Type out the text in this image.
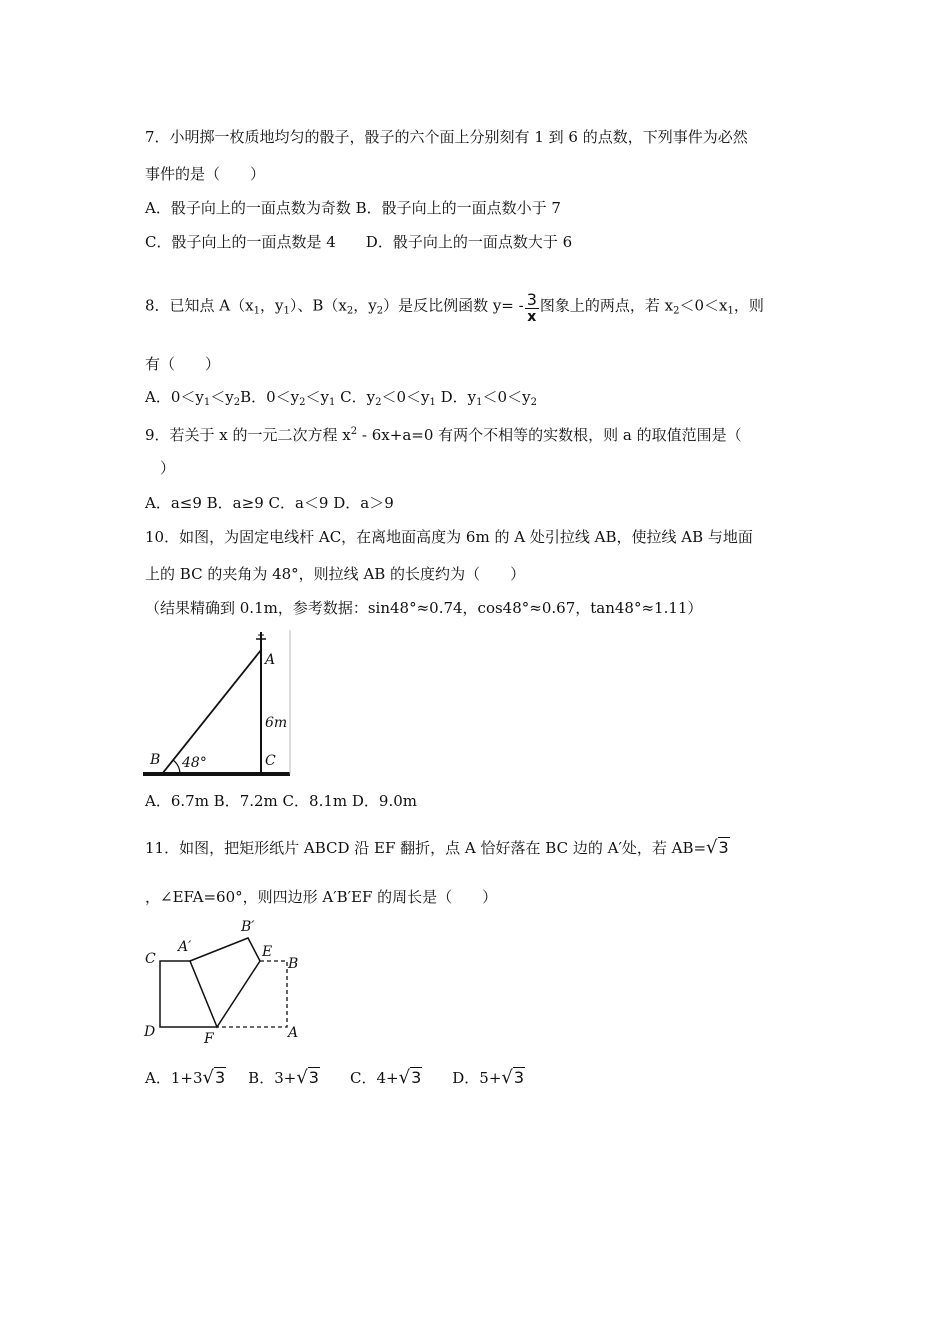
7．小明掷一枚质地均匀的骰子，骰子的六个面上分别刻有 1 到 6 的点数，下列事件为必然
事件的是（　　）
A．骰子向上的一面点数为奇数 B．骰子向上的一面点数小于 7
C．骰子向上的一面点数是 4 D．骰子向上的一面点数大于 6
8．已知点 $A(x_1$，$y_1$）、$B(x_2$，$y_2$）是反比例函数 $y= - \frac{3}{x}$ 图象上的两点，若 $x_2<0<x_1$，则
有（　　）
A．$0<y_1<y_2B$．$0<y_2<y_1$ C．$y_2<0<y_1$ D．$y_1<0<y_2$
9．若关于 x 的一元二次方程 $x^2 - 6x+a=0$ 有两个不相等的实数根，则 a 的取值范围是（
）
A．a≤9 B．a≥9 C．a＜9 D．a＞9
10．如图，为固定电线杆 AC，在离地面高度为 6m 的 A 处引拉线 AB，使拉线 AB 与地面
上的 BC 的夹角为 48°，则拉线 AB 的长度约为（　　）
（结果精确到 0.1m，参考数据：sin48°≈0.74，cos48°≈0.67，tan48°≈1.11）
A
6m
C
B 48°
A．6.7m B．7.2m C．8.1m D．9.0m
11．如图，把矩形纸片 ABCD 沿 EF 翻折，点 A 恰好落在 BC 边的 A′处，若 AB=√3
，∠EFA=60°，则四边形 A′B′EF 的周长是（　　）
C
A′
B′
E
B
D	F	A
A．1+3√3 B．3+√3 C．4+√3 D．5+√3
